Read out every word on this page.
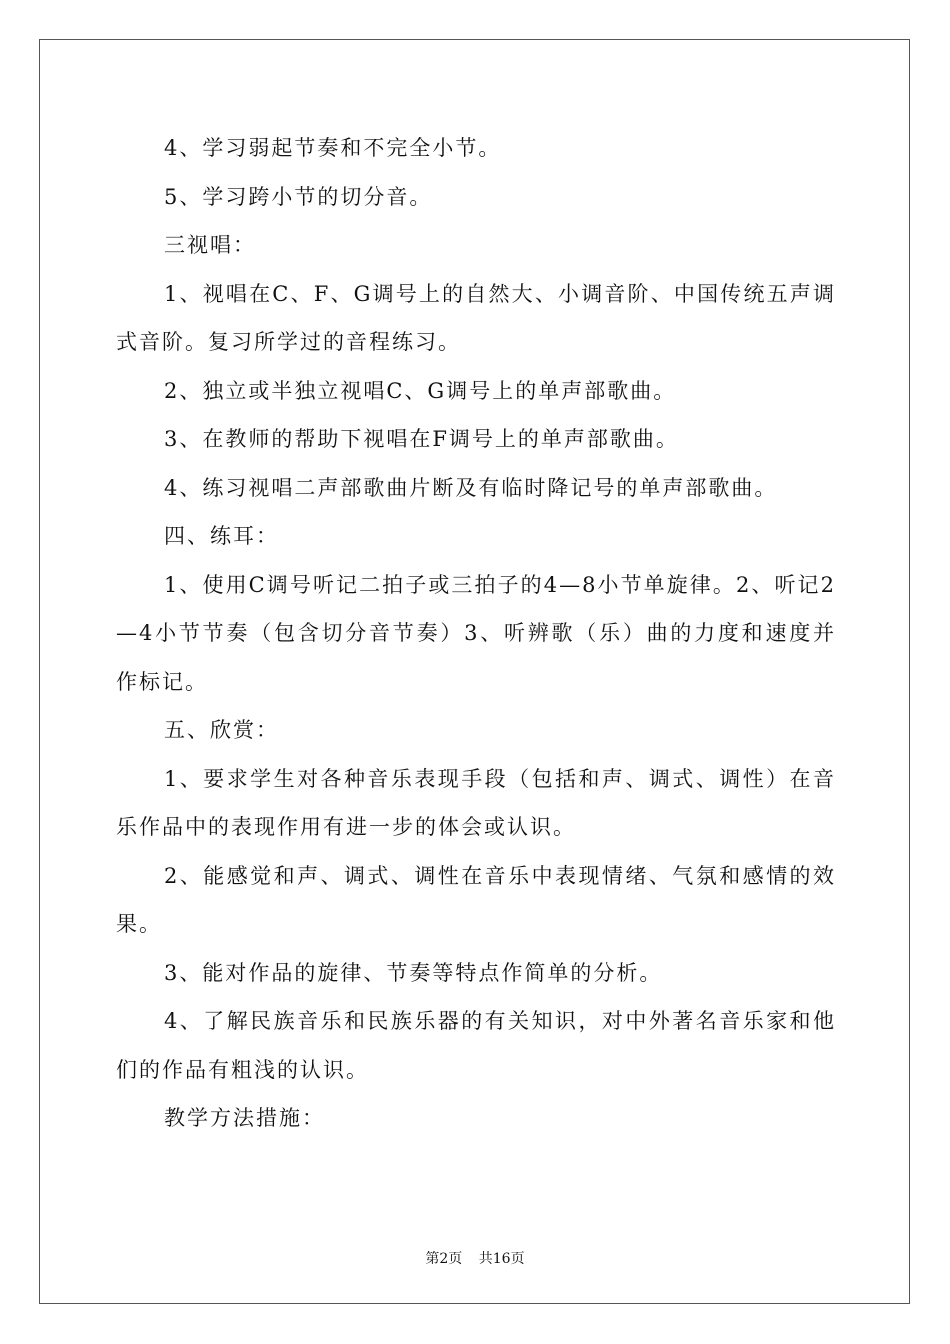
4、学习弱起节奏和不完全小节。

5、学习跨小节的切分音。

三视唱：

1、视唱在C、F、G调号上的自然大、小调音阶、中国传统五声调式音阶。复习所学过的音程练习。

2、独立或半独立视唱C、G调号上的单声部歌曲。

3、在教师的帮助下视唱在F调号上的单声部歌曲。

4、练习视唱二声部歌曲片断及有临时降记号的单声部歌曲。

四、练耳：

1、使用C调号听记二拍子或三拍子的4—8小节单旋律。2、听记2—4小节节奏（包含切分音节奏）3、听辨歌（乐）曲的力度和速度并作标记。

五、欣赏：

1、要求学生对各种音乐表现手段（包括和声、调式、调性）在音乐作品中的表现作用有进一步的体会或认识。

2、能感觉和声、调式、调性在音乐中表现情绪、气氛和感情的效果。

3、能对作品的旋律、节奏等特点作简单的分析。

4、了解民族音乐和民族乐器的有关知识，对中外著名音乐家和他们的作品有粗浅的认识。

教学方法措施：

第2页 共16页
